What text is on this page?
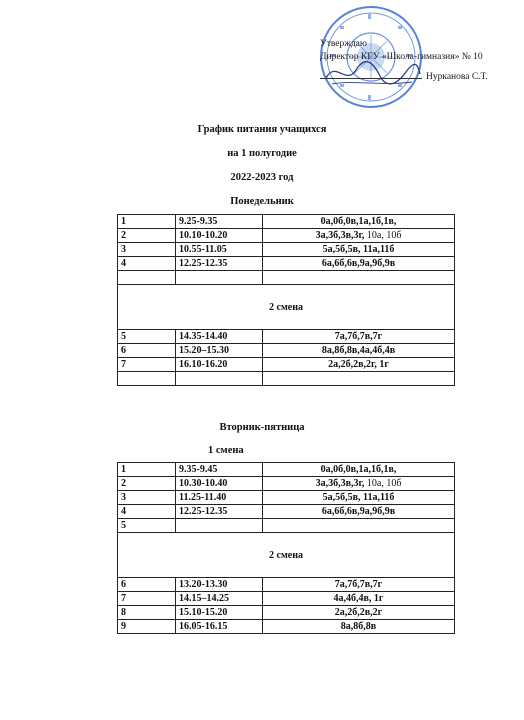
Утверждаю
Директор КГУ «Школа-гимназия» № 10
Нурканова С.Т.
График питания учащихся
на 1 полугодие
2022-2023 год
Понедельник
1	9.25-9.35	0а,0б,0в,1а,1б,1в,
2	10.10-10.20	3а,3б,3в,3г, 10а, 10б
3	10.55-11.05	5а,5б,5в, 11а,11б
4	12.25-12.35	6а,6б,6в,9а,9б,9в

2 смена		
5	14.35-14.40	7а,7б,7в,7г
6	15.20–15.30	8а,8б,8в,4а,4б,4в
7	16.10-16.20	2а,2б,2в,2г, 1г

Вторник-пятница
1 смена
1	9.35-9.45	0а,0б,0в,1а,1б,1в,
2	10.30-10.40	3а,3б,3в,3г, 10а, 10б
3	11.25-11.40	5а,5б,5в, 11а,11б
4	12.25-12.35	6а,6б,6в,9а,9б,9в
5		
2 смена		
6	13.20-13.30	7а,7б,7в,7г
7	14.15–14.25	4а,4б,4в, 1г
8	15.10-15.20	2а,2б,2в,2г
9	16.05-16.15	8а,8б,8в
